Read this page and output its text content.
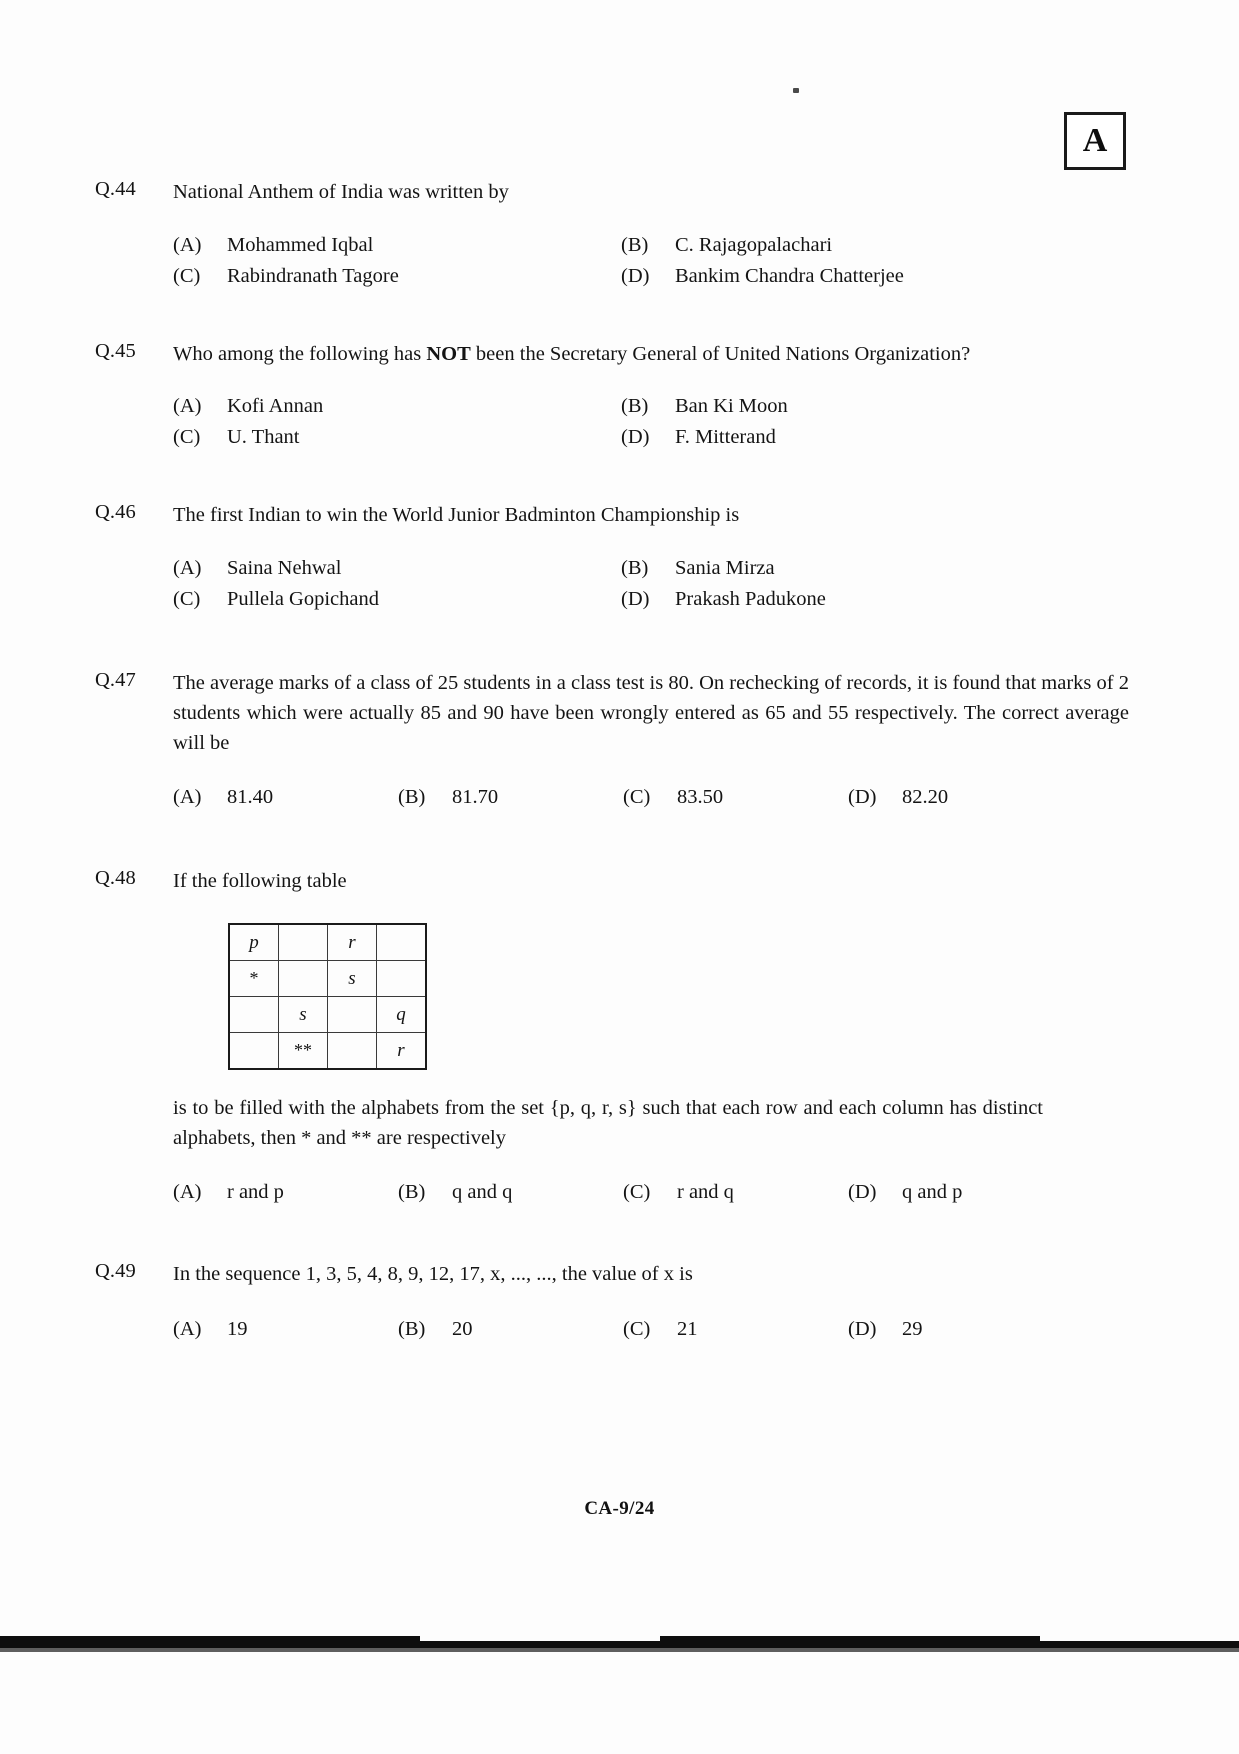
A
Q.44	National Anthem of India was written by
(A)	Mohammed Iqbal	(B)	C. Rajagopalachari
(C)	Rabindranath Tagore	(D)	Bankim Chandra Chatterjee
Q.45	Who among the following has NOT been the Secretary General of United Nations Organization?
(A)	Kofi Annan	(B)	Ban Ki Moon
(C)	U. Thant	(D)	F. Mitterand
Q.46	The first Indian to win the World Junior Badminton Championship is
(A)	Saina Nehwal	(B)	Sania Mirza
(C)	Pullela Gopichand	(D)	Prakash Padukone
Q.47	The average marks of a class of 25 students in a class test is 80. On rechecking of records, it is found that marks of 2 students which were actually 85 and 90 have been wrongly entered as 65 and 55 respectively. The correct average will be
(A)	81.40	(B)	81.70	(C)	83.50	(D)	82.20
Q.48	If the following table
p		r	
*		s	
	s		q
	**		r
is to be filled with the alphabets from the set {p, q, r, s} such that each row and each column has distinct alphabets, then * and ** are respectively
(A)	r and p	(B)	q and q	(C)	r and q	(D)	q and p
Q.49	In the sequence 1, 3, 5, 4, 8, 9, 12, 17, x, ..., ..., the value of x is
(A)	19	(B)	20	(C)	21	(D)	29
CA-9/24
